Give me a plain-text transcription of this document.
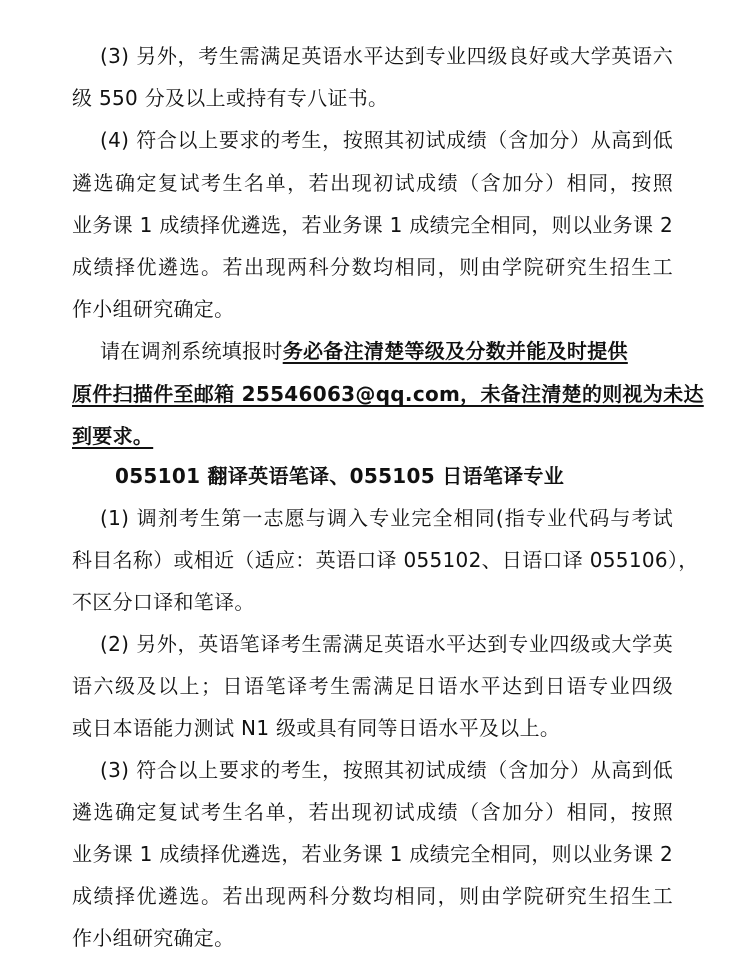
(3) 另外，考生需满足英语水平达到专业四级良好或大学英语六
级 550 分及以上或持有专八证书。
(4) 符合以上要求的考生，按照其初试成绩（含加分）从高到低
遴选确定复试考生名单，若出现初试成绩（含加分）相同，按照
业务课 1 成绩择优遴选，若业务课 1 成绩完全相同，则以业务课 2
成绩择优遴选。若出现两科分数均相同，则由学院研究生招生工
作小组研究确定。
请在调剂系统填报时务必备注清楚等级及分数并能及时提供
原件扫描件至邮箱 25546063@qq.com，未备注清楚的则视为未达
到要求。
055101 翻译英语笔译、055105 日语笔译专业
(1) 调剂考生第一志愿与调入专业完全相同(指专业代码与考试
科目名称）或相近（适应：英语口译 055102、日语口译 055106），
不区分口译和笔译。
(2) 另外，英语笔译考生需满足英语水平达到专业四级或大学英
语六级及以上；日语笔译考生需满足日语水平达到日语专业四级
或日本语能力测试 N1 级或具有同等日语水平及以上。
(3) 符合以上要求的考生，按照其初试成绩（含加分）从高到低
遴选确定复试考生名单，若出现初试成绩（含加分）相同，按照
业务课 1 成绩择优遴选，若业务课 1 成绩完全相同，则以业务课 2
成绩择优遴选。若出现两科分数均相同，则由学院研究生招生工
作小组研究确定。
